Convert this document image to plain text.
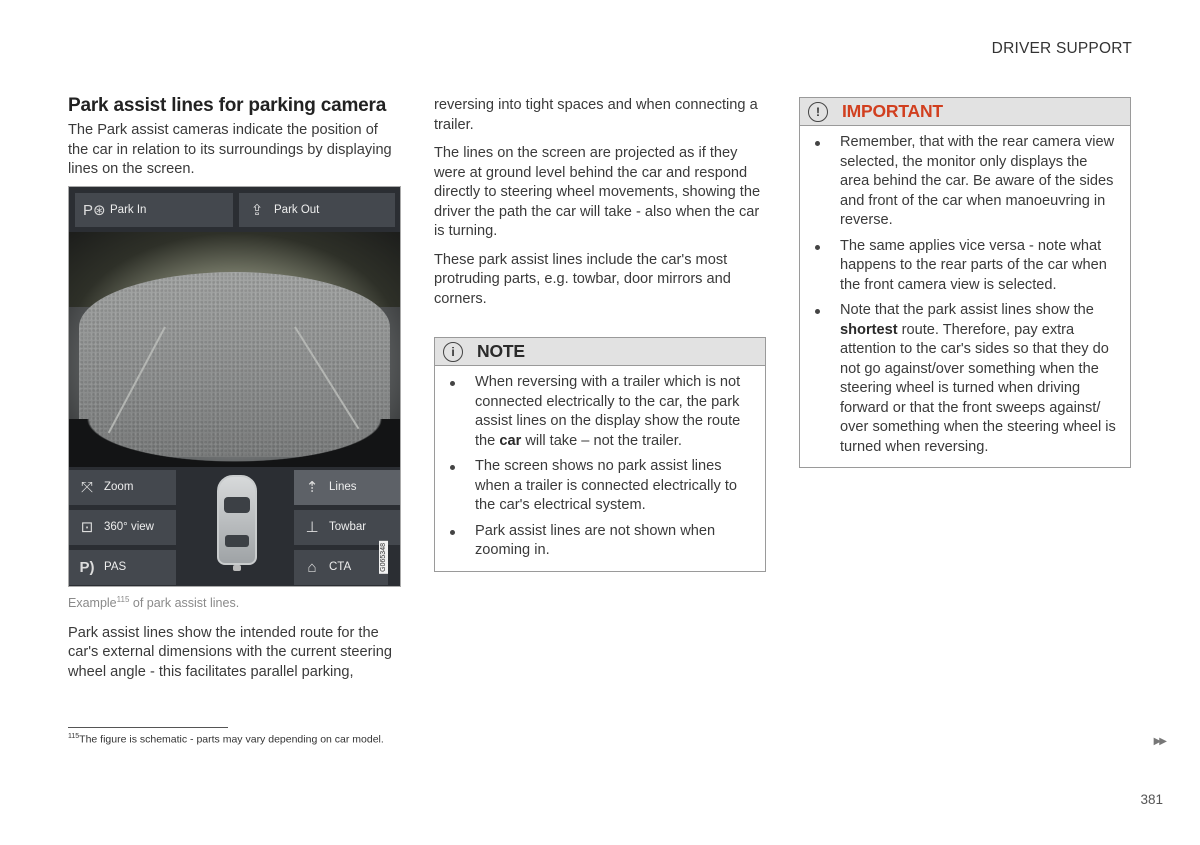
DRIVER SUPPORT
Park assist lines for parking camera

The Park assist cameras indicate the position of the car in relation to its surroundings by displaying lines on the screen.

P⊛ Park In	⇪ Park Out
⤧ Zoom
⊡ 360° view
P) PAS
⇡ Lines
⊥ Towbar
⌂	CTA	G065348
Example$^{115}$ of park assist lines.

Park assist lines show the intended route for the car's external dimensions with the current steering wheel angle - this facilitates parallel parking,

reversing into tight spaces and when connecting a trailer.

The lines on the screen are projected as if they were at ground level behind the car and respond directly to steering wheel movements, showing the driver the path the car will take - also when the car is turning.

These park assist lines include the car's most protruding parts, e.g. towbar, door mirrors and corners.

i	NOTE
When reversing with a trailer which is not connected electrically to the car, the park assist lines on the display show the route the car will take – not the trailer.
The screen shows no park assist lines when a trailer is connected electrically to the car's electrical system.
Park assist lines are not shown when zooming in.
!	IMPORTANT
Remember, that with the rear camera view selected, the monitor only displays the area behind the car. Be aware of the sides and front of the car when manoeuvring in reverse.
The same applies vice versa - note what happens to the rear parts of the car when the front camera view is selected.
Note that the park assist lines show the shortest route. Therefore, pay extra attention to the car's sides so that they do not go against/over something when the steering wheel is turned when driving forward or that the front sweeps against/ over something when the steering wheel is turned when reversing.
$^{115}$The figure is schematic - parts may vary depending on car model.	▶▶
381
